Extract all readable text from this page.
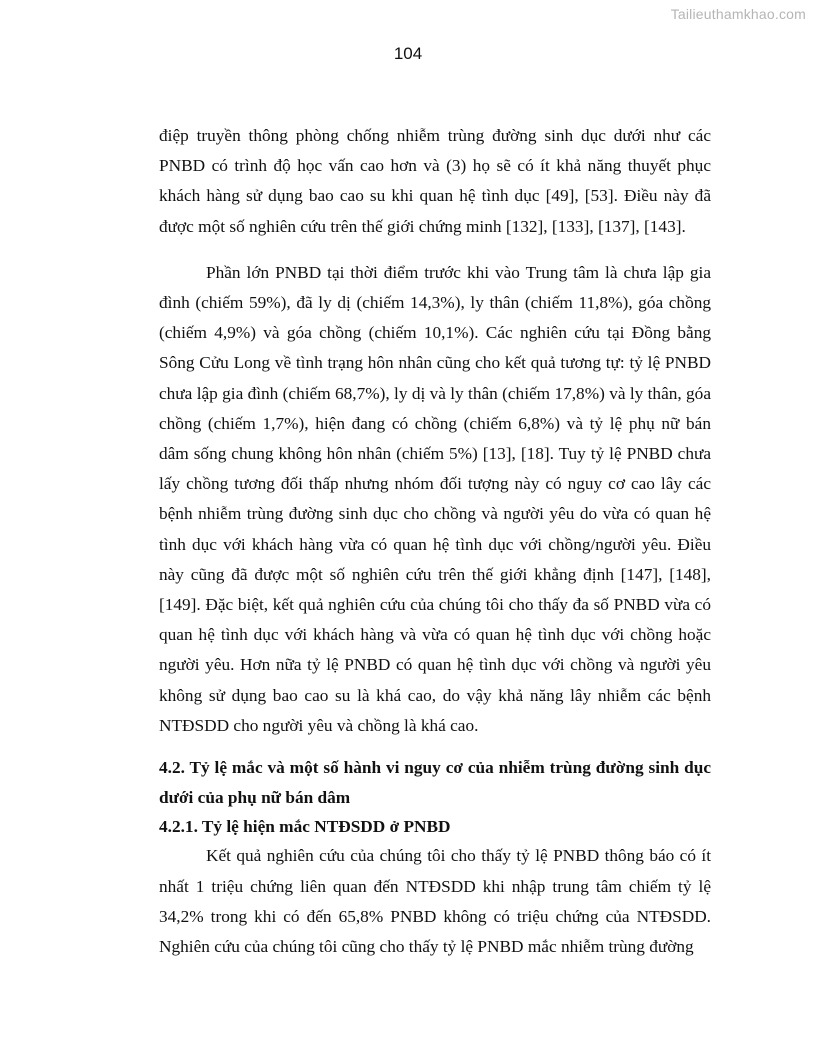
Tailieuthamkhao.com
104

điệp truyền thông phòng chống nhiễm trùng đường sinh dục dưới như các PNBD có trình độ học vấn cao hơn và (3) họ sẽ có ít khả năng thuyết phục khách hàng sử dụng bao cao su khi quan hệ tình dục [49], [53]. Điều này đã được một số nghiên cứu trên thế giới chứng minh [132], [133], [137], [143].

Phần lớn PNBD tại thời điểm trước khi vào Trung tâm là chưa lập gia đình (chiếm 59%), đã ly dị (chiếm 14,3%), ly thân (chiếm 11,8%), góa chồng (chiếm 4,9%) và góa chồng (chiếm 10,1%). Các nghiên cứu tại Đồng bằng Sông Cửu Long về tình trạng hôn nhân cũng cho kết quả tương tự: tỷ lệ PNBD chưa lập gia đình (chiếm 68,7%), ly dị và ly thân (chiếm 17,8%) và ly thân, góa chồng (chiếm 1,7%), hiện đang có chồng (chiếm 6,8%) và tỷ lệ phụ nữ bán dâm sống chung không hôn nhân (chiếm 5%) [13], [18]. Tuy tỷ lệ PNBD chưa lấy chồng tương đối thấp nhưng nhóm đối tượng này có nguy cơ cao lây các bệnh nhiễm trùng đường sinh dục cho chồng và người yêu do vừa có quan hệ tình dục với khách hàng vừa có quan hệ tình dục với chồng/người yêu. Điều này cũng đã được một số nghiên cứu trên thế giới khẳng định [147], [148], [149]. Đặc biệt, kết quả nghiên cứu của chúng tôi cho thấy đa số PNBD vừa có quan hệ tình dục với khách hàng và vừa có quan hệ tình dục với chồng hoặc người yêu. Hơn nữa tỷ lệ PNBD có quan hệ tình dục với chồng và người yêu không sử dụng bao cao su là khá cao, do vậy khả năng lây nhiễm các bệnh NTĐSDD cho người yêu và chồng là khá cao.

4.2. Tỷ lệ mắc và một số hành vi nguy cơ của nhiễm trùng đường sinh dục dưới của phụ nữ bán dâm
4.2.1. Tỷ lệ hiện mắc NTĐSDD ở PNBD

Kết quả nghiên cứu của chúng tôi cho thấy tỷ lệ PNBD thông báo có ít nhất 1 triệu chứng liên quan đến NTĐSDD khi nhập trung tâm chiếm tỷ lệ 34,2% trong khi có đến 65,8% PNBD không có triệu chứng của NTĐSDD. Nghiên cứu của chúng tôi cũng cho thấy tỷ lệ PNBD mắc nhiễm trùng đường
